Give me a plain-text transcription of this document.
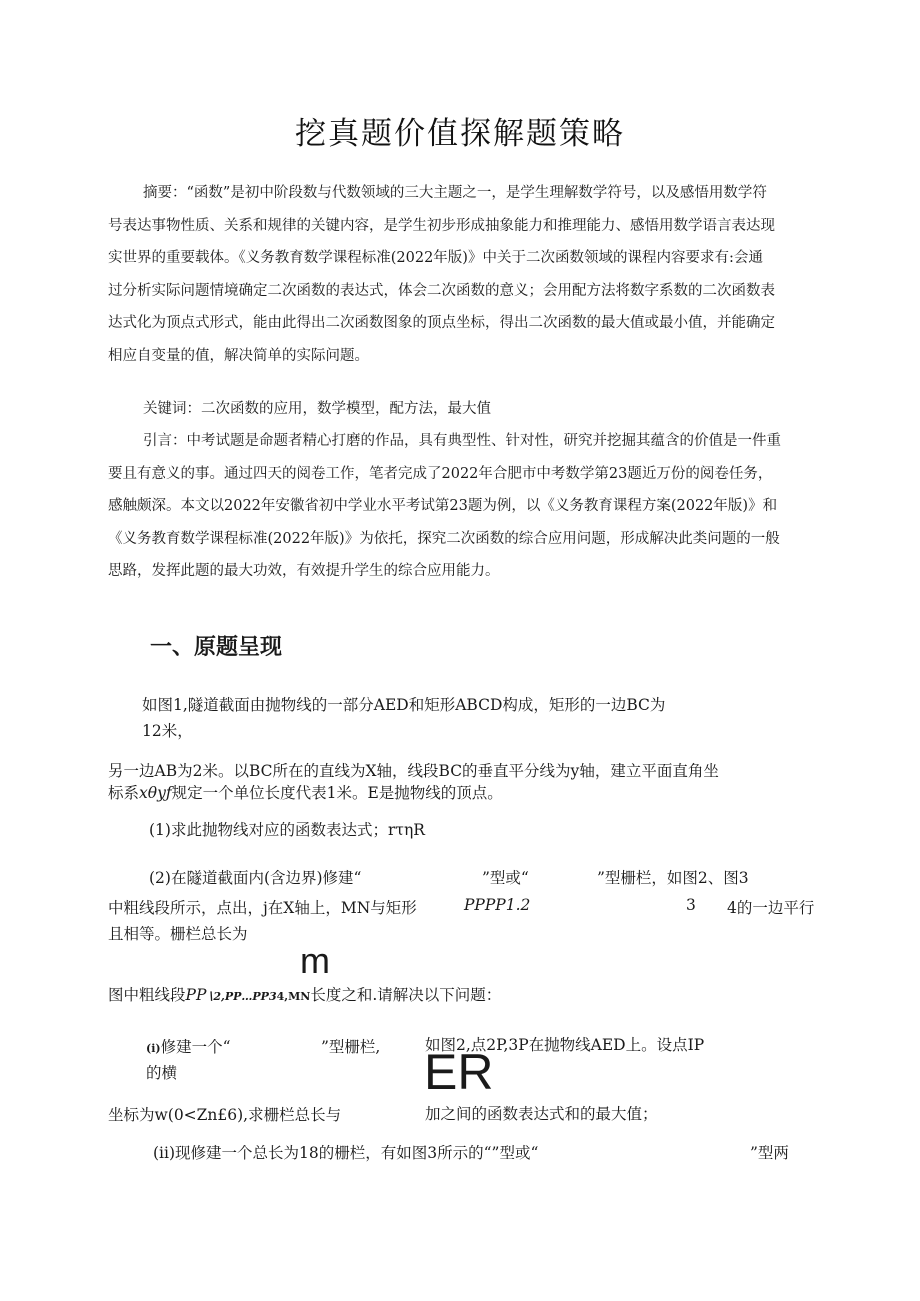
挖真题价值探解题策略
摘要：“函数”是初中阶段数与代数领域的三大主题之一，是学生理解数学符号，以及感悟用数学符
号表达事物性质、关系和规律的关键内容，是学生初步形成抽象能力和推理能力、感悟用数学语言表达现
实世界的重要载体。《义务教育数学课程标准(2022年版)》中关于二次函数领域的课程内容要求有:会通
过分析实际问题情境确定二次函数的表达式，体会二次函数的意义；会用配方法将数字系数的二次函数表
达式化为顶点式形式，能由此得出二次函数图象的顶点坐标，得出二次函数的最大值或最小值，并能确定
相应自变量的值，解决简单的实际问题。
关键词：二次函数的应用，数学模型，配方法，最大值
引言：中考试题是命题者精心打磨的作品，具有典型性、针对性，研究并挖掘其蕴含的价值是一件重
要且有意义的事。通过四天的阅卷工作，笔者完成了2022年合肥市中考数学第23题近万份的阅卷任务，
感触颇深。本文以2022年安徽省初中学业水平考试第23题为例，以《义务教育课程方案(2022年版)》和
《义务教育数学课程标准(2022年版)》为依托，探究二次函数的综合应用问题，形成解决此类问题的一般
思路，发挥此题的最大功效，有效提升学生的综合应用能力。
一、原题呈现
如图1,隧道截面由抛物线的一部分AED和矩形ABCD构成，矩形的一边BC为
12米，
另一边AB为2米。以BC所在的直线为X轴，线段BC的垂直平分线为y轴，建立平面直角坐
标系xθyƒ规定一个单位长度代表1米。E是抛物线的顶点。
(1)求此抛物线对应的函数表达式；rτηR
(2)在隧道截面内(含边界)修建“	”型或“	”型栅栏，如图2、图3
中粗线段所示，点出，j在X轴上，MN与矩形	PPPP1.2	3 4的一边平行
且相等。栅栏总长为
m
图中粗线段PP∖2,PP…PP34,MN长度之和.请解决以下问题：
(i)修建一个“	”型栅栏,
的横
如图2,点2P,3P在抛物线AED上。设点IP
ER
坐标为w(0<Zn£6),求栅栏总长与	加之间的函数表达式和的最大值；
(ii)现修建一个总长为18的栅栏，有如图3所示的“”型或“	”型两
